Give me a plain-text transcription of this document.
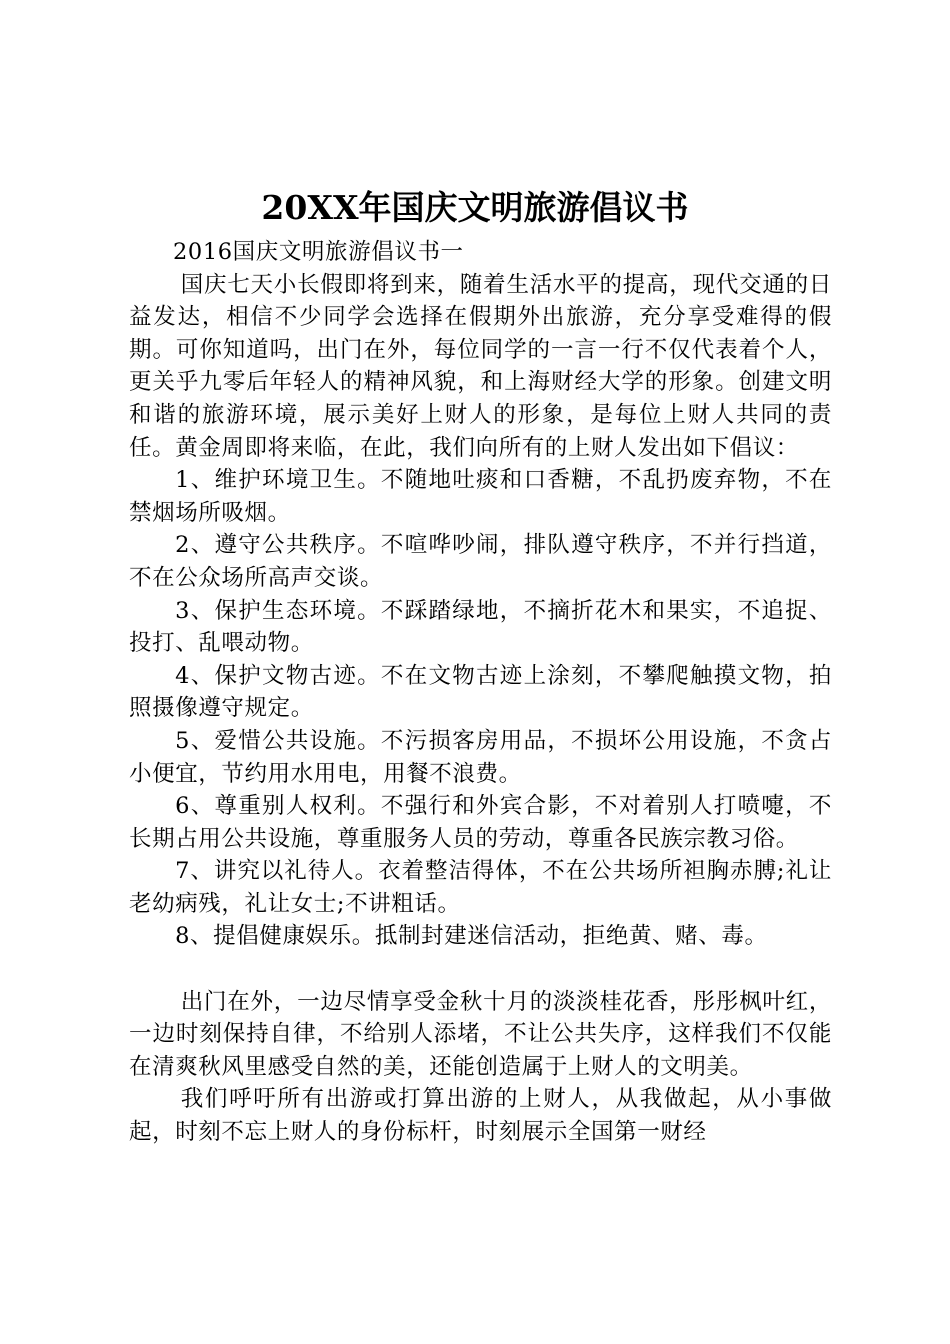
20XX年国庆文明旅游倡议书

2016国庆文明旅游倡议书一

国庆七天小长假即将到来，随着生活水平的提高，现代交通的日益发达，相信不少同学会选择在假期外出旅游，充分享受难得的假期。可你知道吗，出门在外，每位同学的一言一行不仅代表着个人，更关乎九零后年轻人的精神风貌，和上海财经大学的形象。创建文明和谐的旅游环境，展示美好上财人的形象，是每位上财人共同的责任。黄金周即将来临，在此，我们向所有的上财人发出如下倡议：

1、维护环境卫生。不随地吐痰和口香糖，不乱扔废弃物，不在禁烟场所吸烟。

2、遵守公共秩序。不喧哗吵闹，排队遵守秩序，不并行挡道，不在公众场所高声交谈。

3、保护生态环境。不踩踏绿地，不摘折花木和果实，不追捉、投打、乱喂动物。

4、保护文物古迹。不在文物古迹上涂刻，不攀爬触摸文物，拍照摄像遵守规定。

5、爱惜公共设施。不污损客房用品，不损坏公用设施，不贪占小便宜，节约用水用电，用餐不浪费。

6、尊重别人权利。不强行和外宾合影，不对着别人打喷嚏，不长期占用公共设施，尊重服务人员的劳动，尊重各民族宗教习俗。

7、讲究以礼待人。衣着整洁得体，不在公共场所袒胸赤膊;礼让老幼病残，礼让女士;不讲粗话。

8、提倡健康娱乐。抵制封建迷信活动，拒绝黄、赌、毒。

出门在外，一边尽情享受金秋十月的淡淡桂花香，彤彤枫叶红，一边时刻保持自律，不给别人添堵，不让公共失序，这样我们不仅能在清爽秋风里感受自然的美，还能创造属于上财人的文明美。

我们呼吁所有出游或打算出游的上财人，从我做起，从小事做起，时刻不忘上财人的身份标杆，时刻展示全国第一财经
